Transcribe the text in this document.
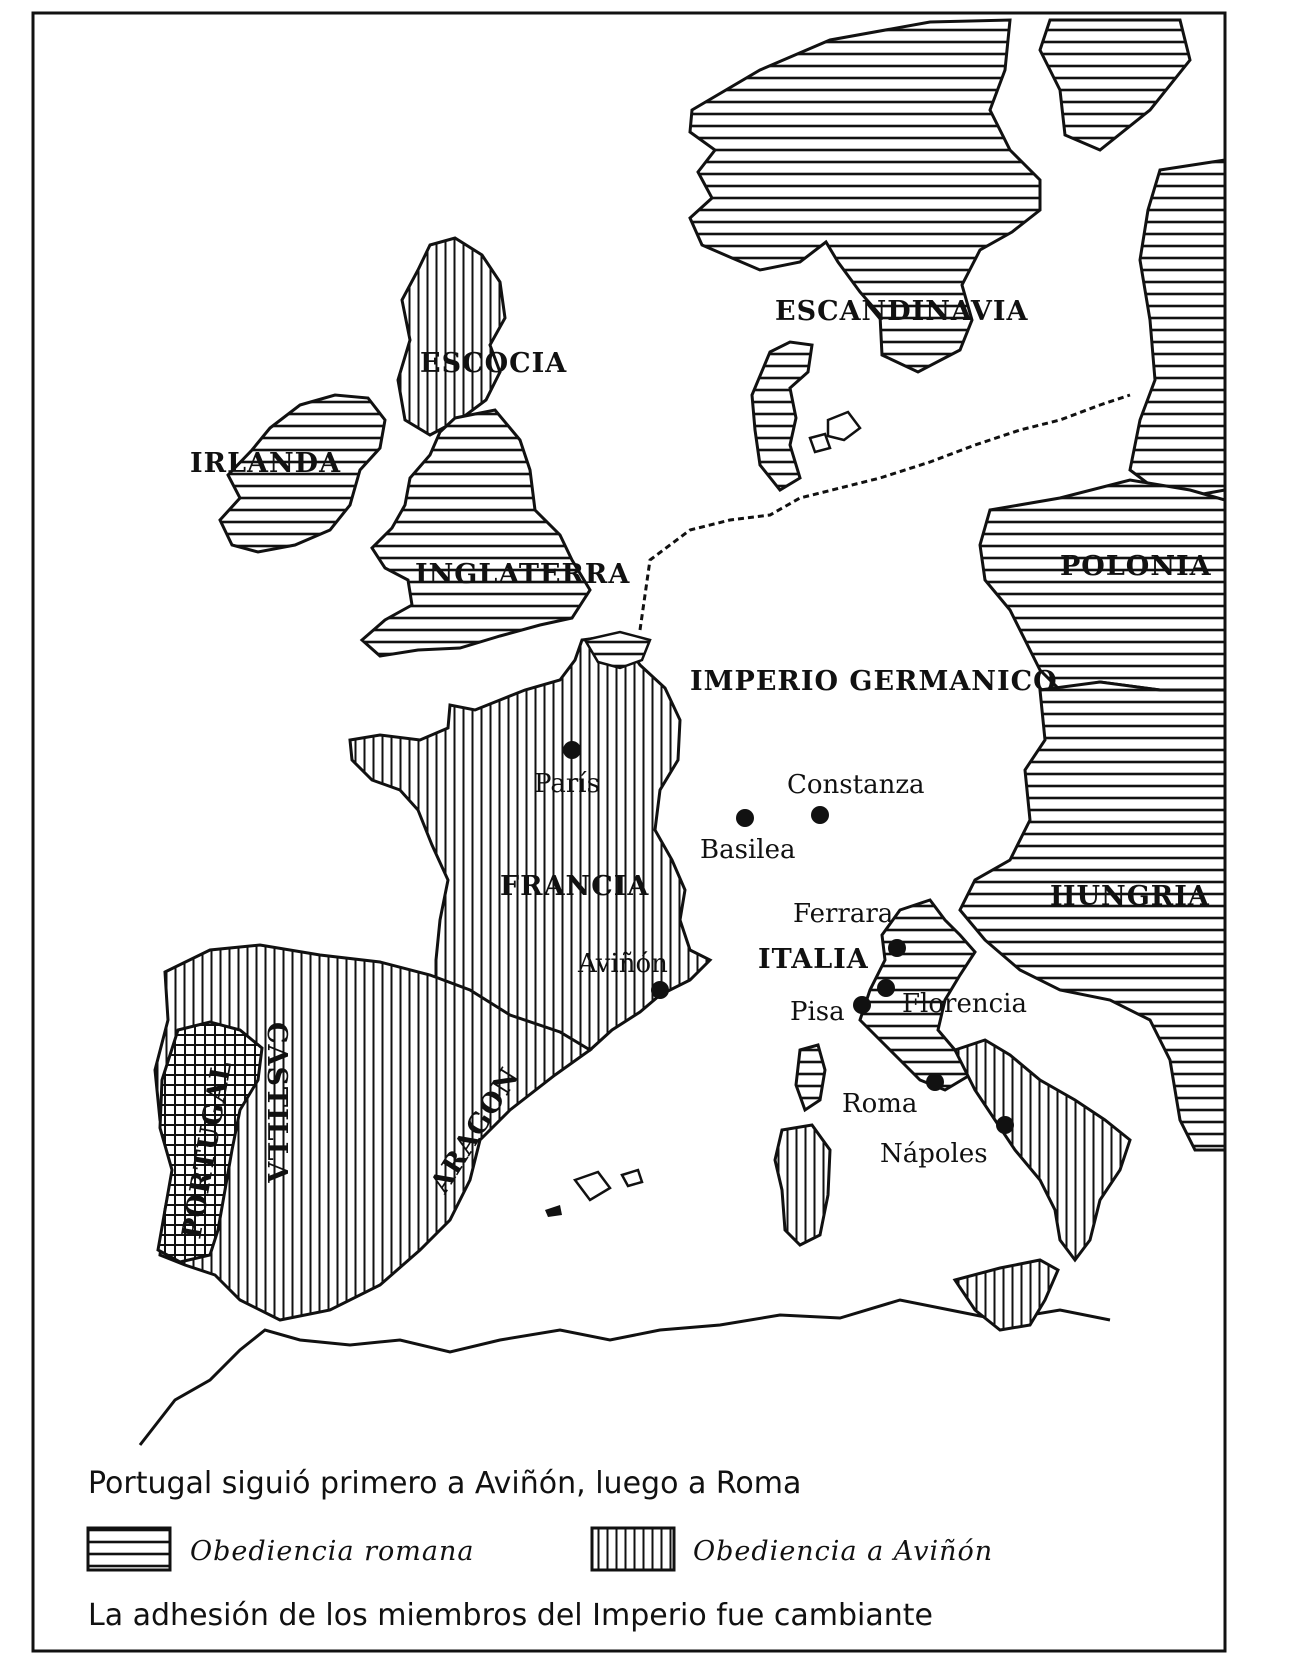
ESCANDINAVIA
ESCOCIA
IRLANDA
INGLATERRA	POLONIA
IMPERIO GERMANICO
FRANCIA
ITALIA
HUNGRIA
CASTILLA
PORTUGAL	ARAGON
París	Constanza
Basilea
Ferrara
Aviñón
Pisa Florencia
Roma
Nápoles
Portugal siguió primero a Aviñón, luego a Roma
Obediencia romana	Obediencia a Aviñón
La adhesión de los miembros del Imperio fue cambiante
